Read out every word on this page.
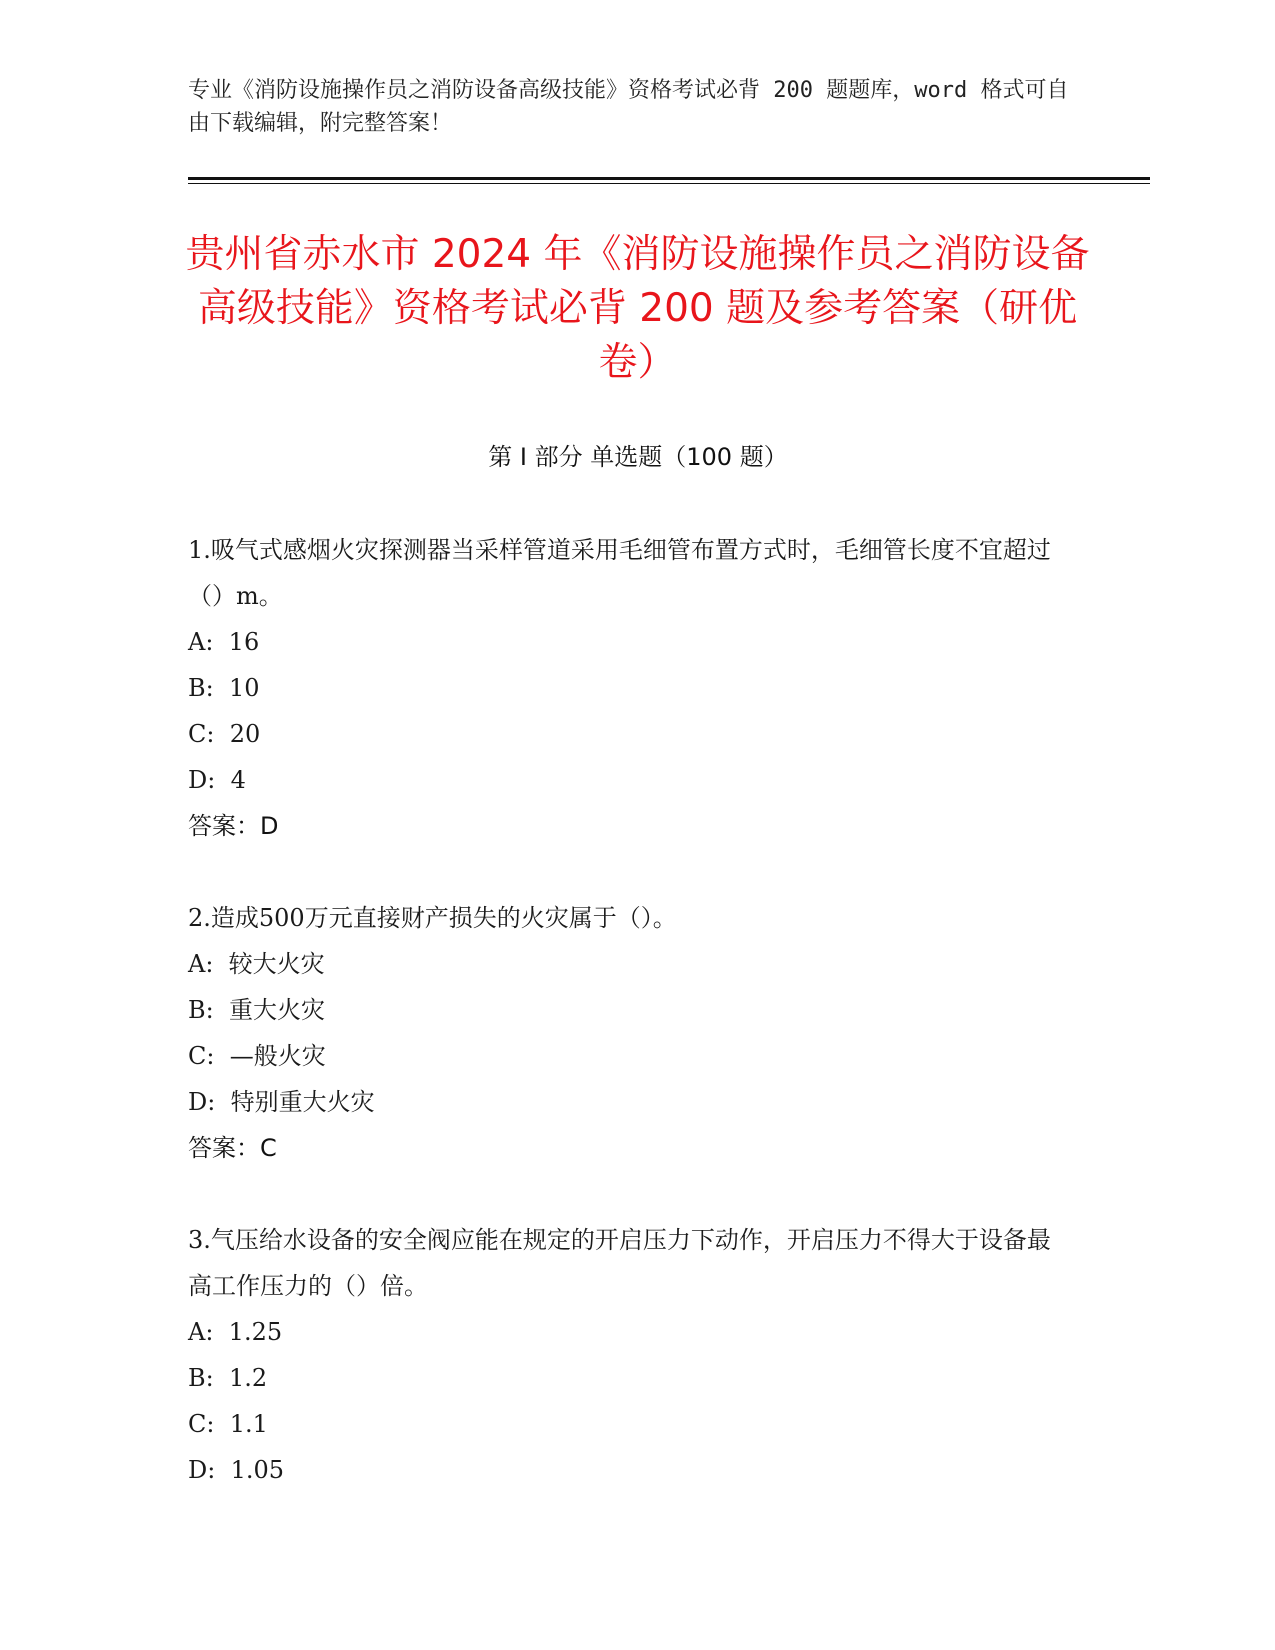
专业《消防设施操作员之消防设备高级技能》资格考试必背 200 题题库，word 格式可自由下载编辑，附完整答案！
贵州省赤水市 2024 年《消防设施操作员之消防设备高级技能》资格考试必背 200 题及参考答案（研优卷）
第 I 部分 单选题（100 题）
1.吸气式感烟火灾探测器当采样管道采用毛细管布置方式时，毛细管长度不宜超过（）m。
A:  16
B:  10
C:  20
D:  4
答案：D
2.造成500万元直接财产损失的火灾属于（）。
A:  较大火灾
B:  重大火灾
C:  —般火灾
D:  特别重大火灾
答案：C
3.气压给水设备的安全阀应能在规定的开启压力下动作，开启压力不得大于设备最高工作压力的（）倍。
A:  1.25
B:  1.2
C:  1.1
D:  1.05
